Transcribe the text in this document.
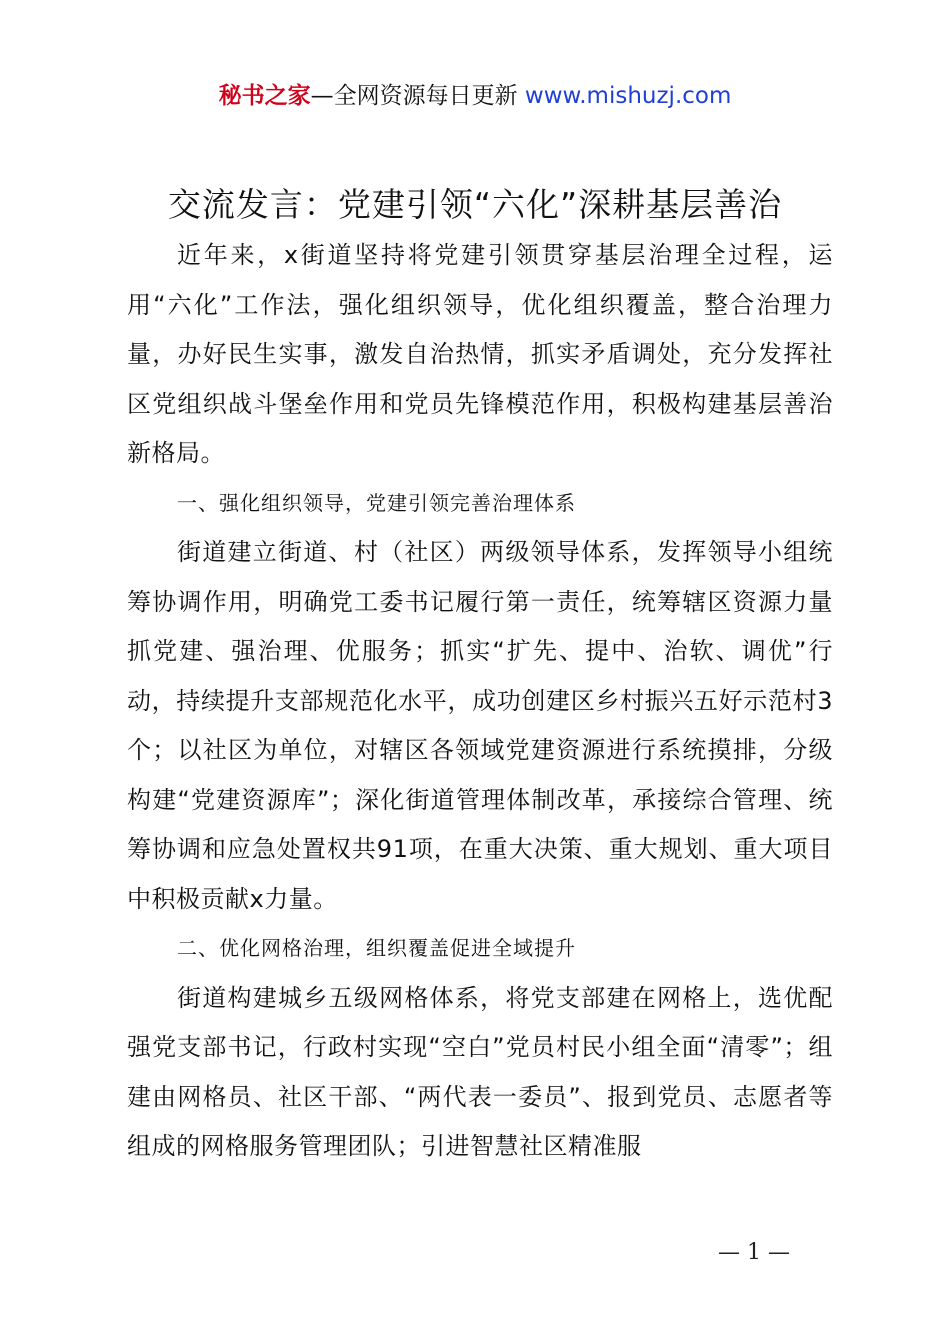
秘书之家—全网资源每日更新 www.mishuzj.com
交流发言：党建引领“六化”深耕基层善治

近年来，x街道坚持将党建引领贯穿基层治理全过程，运用“六化”工作法，强化组织领导，优化组织覆盖，整合治理力量，办好民生实事，激发自治热情，抓实矛盾调处，充分发挥社区党组织战斗堡垒作用和党员先锋模范作用，积极构建基层善治新格局。

一、强化组织领导，党建引领完善治理体系

街道建立街道、村（社区）两级领导体系，发挥领导小组统筹协调作用，明确党工委书记履行第一责任，统筹辖区资源力量抓党建、强治理、优服务；抓实“扩先、提中、治软、调优”行动，持续提升支部规范化水平，成功创建区乡村振兴五好示范村3个；以社区为单位，对辖区各领域党建资源进行系统摸排，分级构建“党建资源库”；深化街道管理体制改革，承接综合管理、统筹协调和应急处置权共91项，在重大决策、重大规划、重大项目中积极贡献x力量。

二、优化网格治理，组织覆盖促进全域提升

街道构建城乡五级网格体系，将党支部建在网格上，选优配强党支部书记，行政村实现“空白”党员村民小组全面“清零”；组建由网格员、社区干部、“两代表一委员”、报到党员、志愿者等组成的网格服务管理团队；引进智慧社区精准服

— 1 —
